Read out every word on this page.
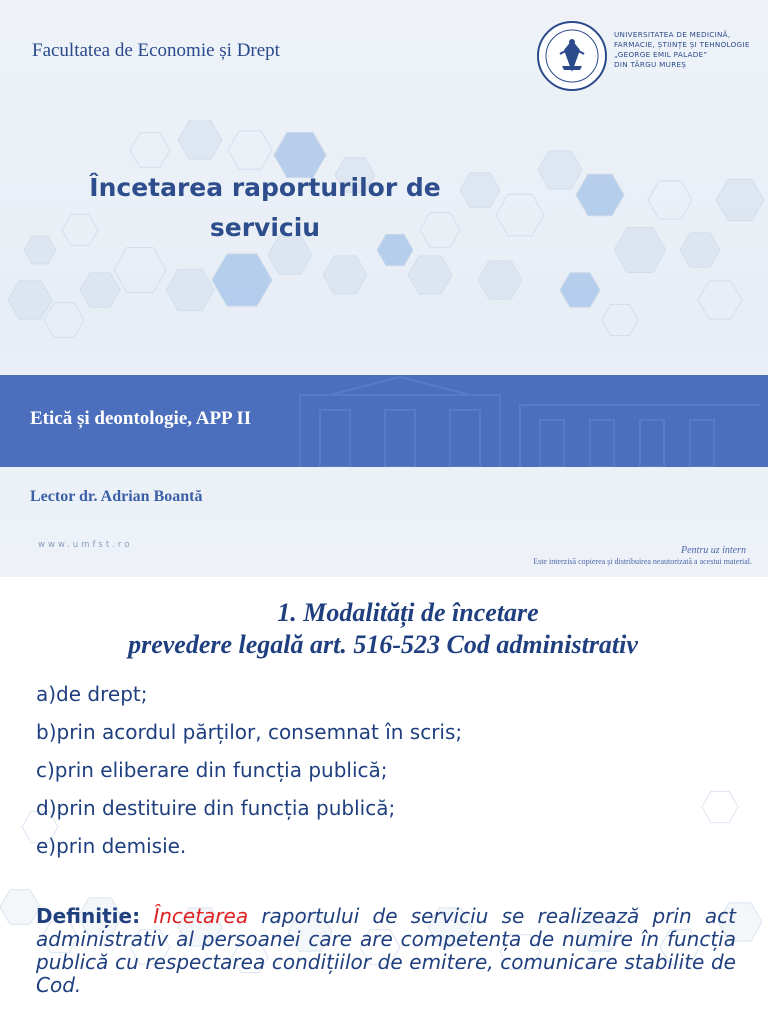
Facultatea de Economie și Drept
UNIVERSITATEA DE MEDICINĂ,
FARMACIE, ȘTIINȚE ȘI TEHNOLOGIE
„GEORGE EMIL PALADE”
DIN TÂRGU MUREȘ
Încetarea raporturilor de
serviciu
Etică și deontologie, APP II
Lector dr. Adrian Boantă
www.umfst.ro	Pentru uz intern
Este interzisă copierea și distribuirea neautorizată a acestui material.
1. Modalități de încetare
prevedere legală art. 516-523 Cod administrativ
a)de drept;
b)prin acordul părților, consemnat în scris;
c)prin eliberare din funcția publică;
d)prin destituire din funcția publică;
e)prin demisie.
Definiție: Încetarea raportului de serviciu se realizează prin act administrativ al persoanei care are competența de numire în funcția publică cu respectarea condițiilor de emitere, comunicare stabilite de Cod.
